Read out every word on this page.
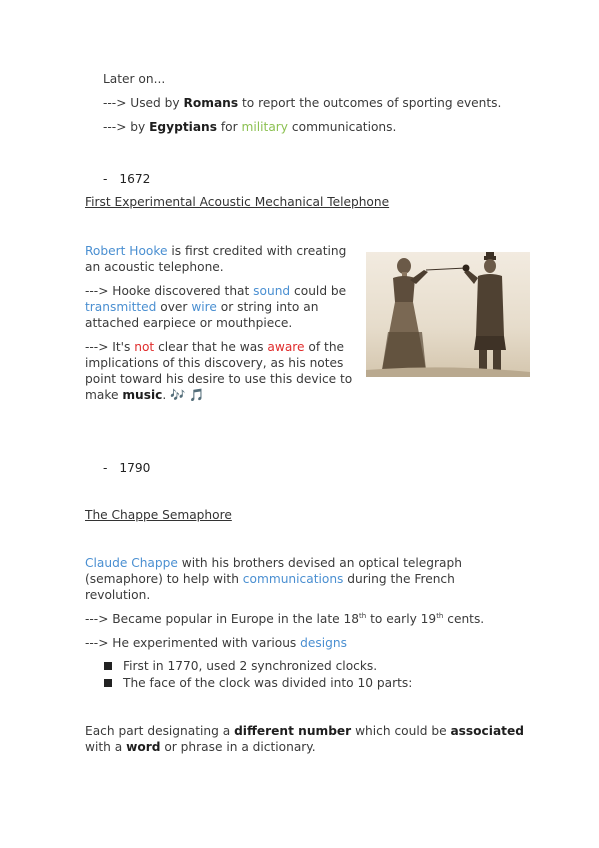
Later on...
---> Used by Romans to report the outcomes of sporting events.
---> by Egyptians for military communications.
- 1672
First Experimental Acoustic Mechanical Telephone
Robert Hooke is first credited with creating
an acoustic telephone.
---> Hooke discovered that sound could be
transmitted over wire or string into an
attached earpiece or mouthpiece.
---> It's not clear that he was aware of the
implications of this discovery, as his notes
point toward his desire to use this device to
make music. 🎶 🎵
- 1790
The Chappe Semaphore
Claude Chappe with his brothers devised an optical telegraph
(semaphore) to help with communications during the French
revolution.
---> Became popular in Europe in the late 18th to early 19th cents.
---> He experimented with various designs
First in 1770, used 2 synchronized clocks.
The face of the clock was divided into 10 parts:
Each part designating a different number which could be associated
with a word or phrase in a dictionary.
